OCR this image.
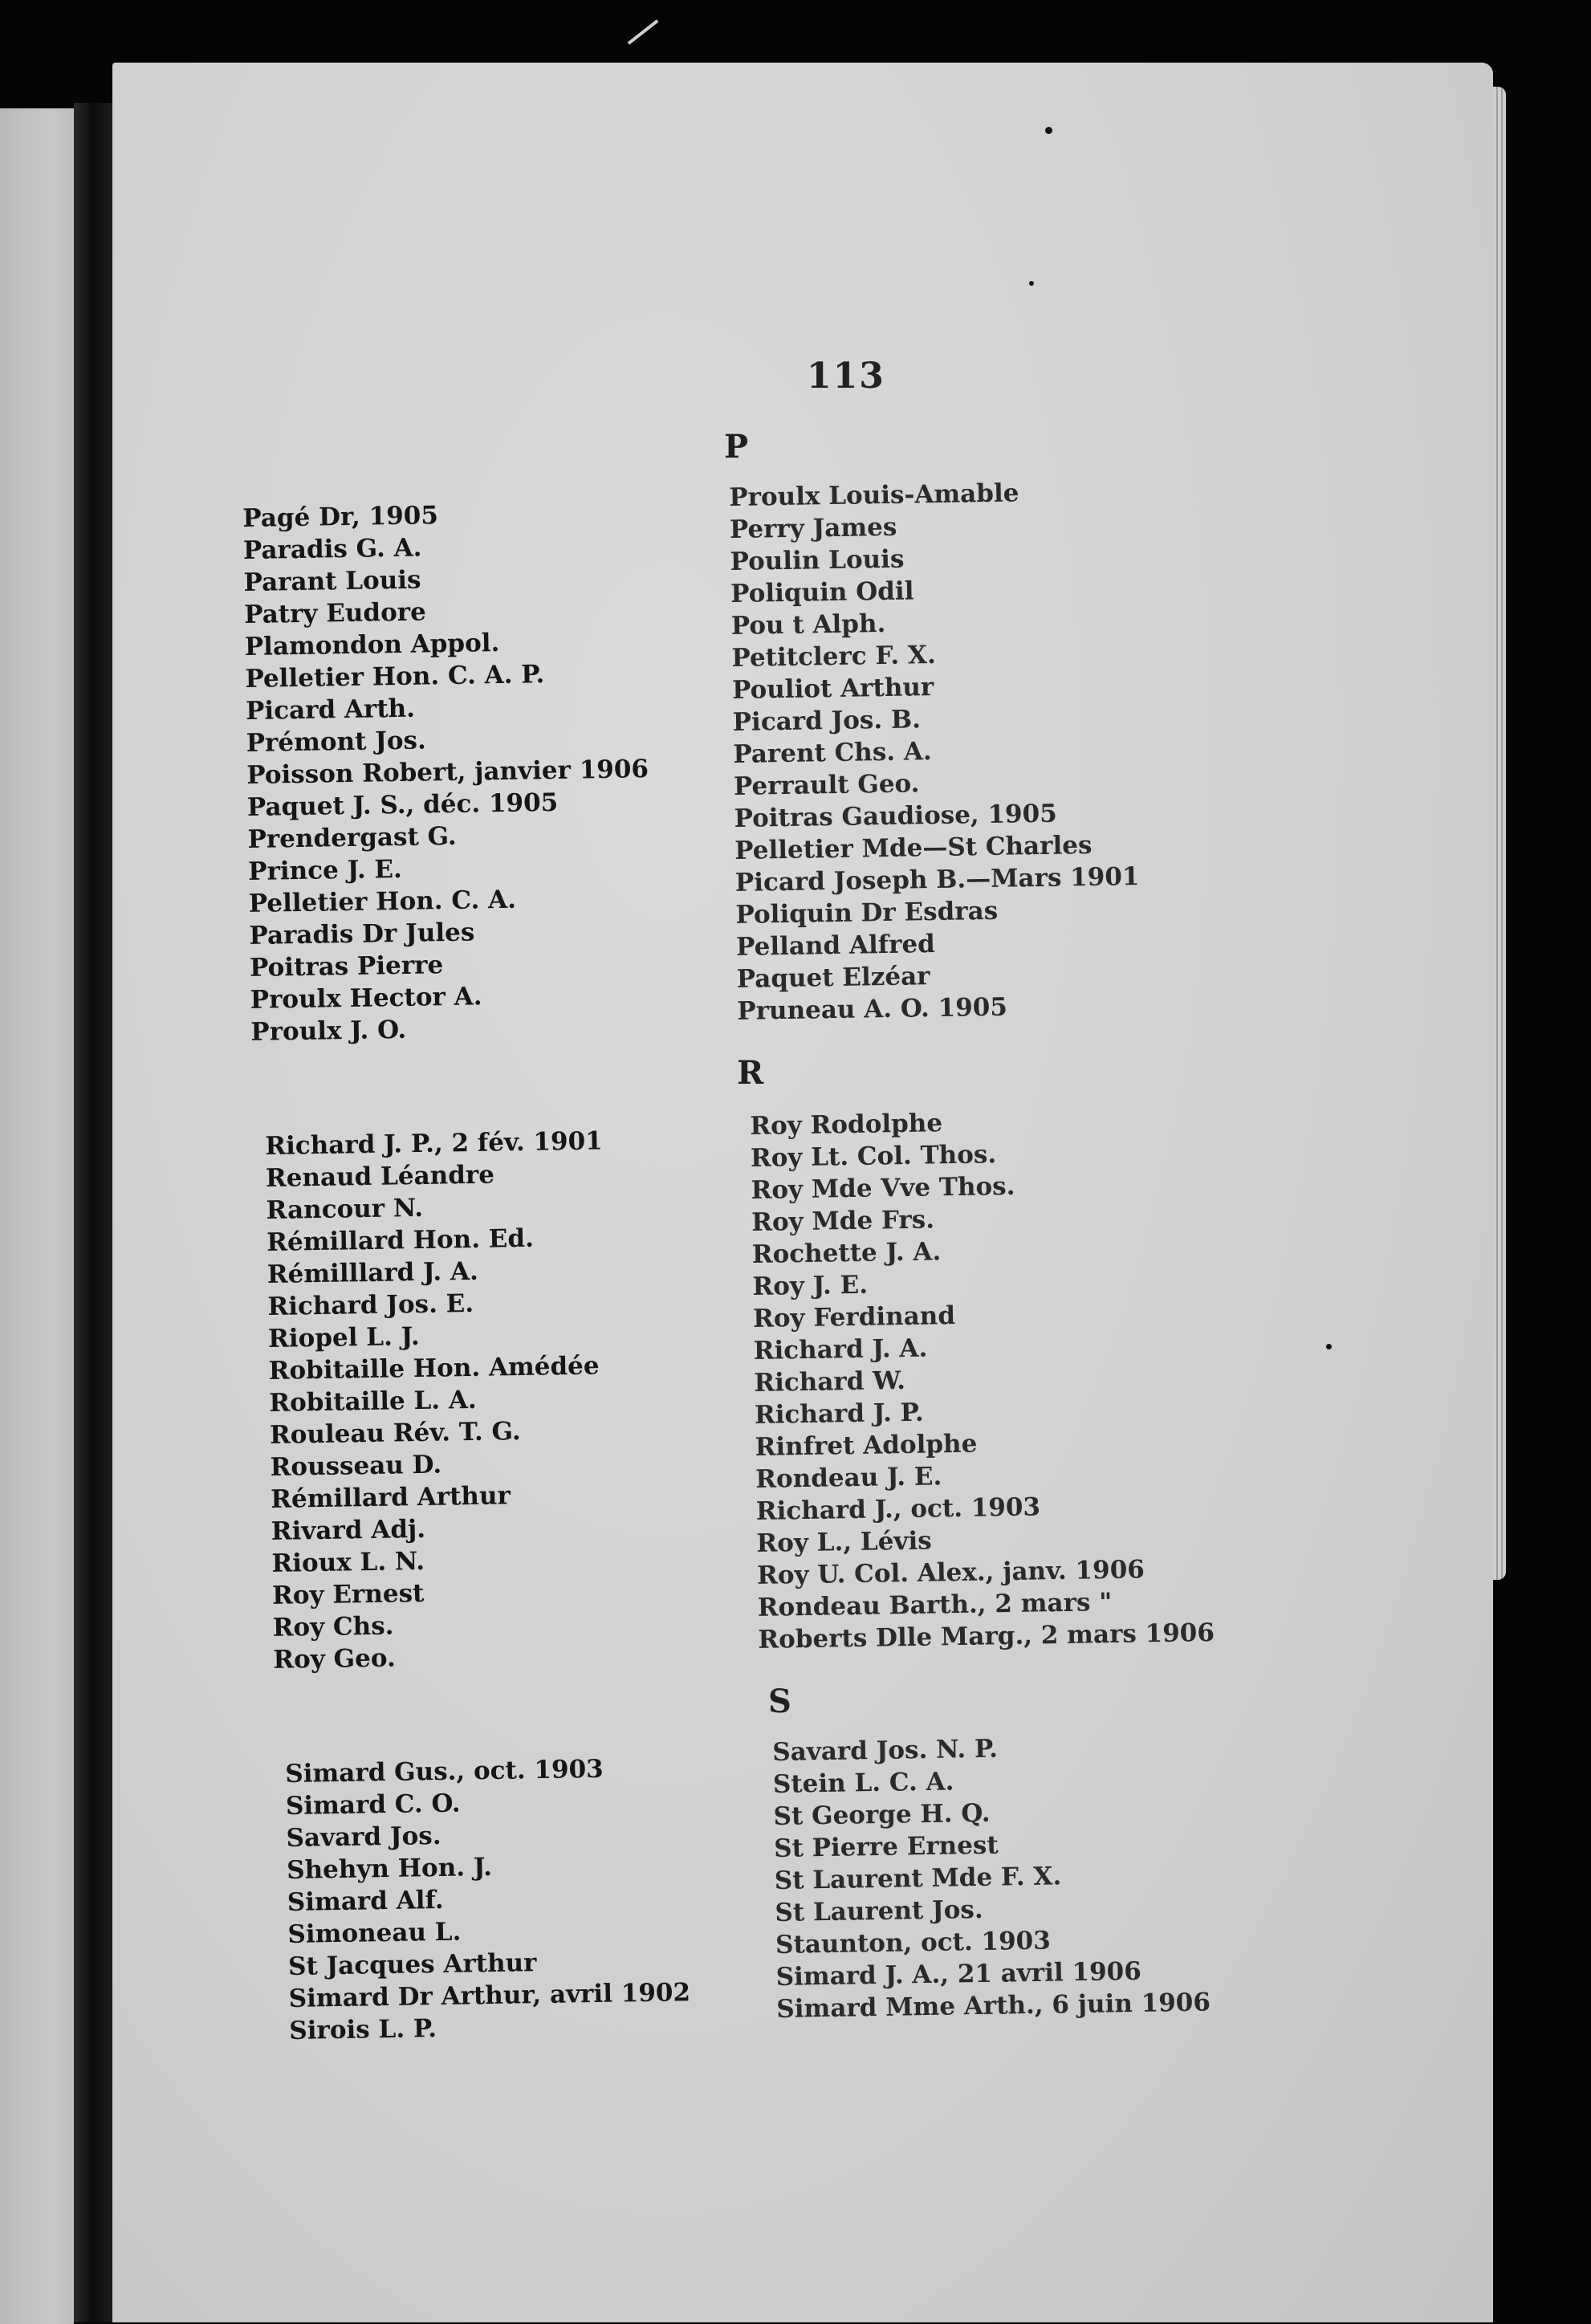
113
P
Pagé Dr, 1905
Paradis G. A.
Parant Louis
Patry Eudore
Plamondon Appol.
Pelletier Hon. C. A. P.
Picard Arth.
Prémont Jos.
Poisson Robert, janvier 1906
Paquet J. S., déc. 1905
Prendergast G.
Prince J. E.
Pelletier Hon. C. A.
Paradis Dr Jules
Poitras Pierre
Proulx Hector A.
Proulx J. O.
Proulx Louis-Amable
Perry James
Poulin Louis
Poliquin Odil
Pou t Alph.
Petitclerc F. X.
Pouliot Arthur
Picard Jos. B.
Parent Chs. A.
Perrault Geo.
Poitras Gaudiose, 1905
Pelletier Mde—St Charles
Picard Joseph B.—Mars 1901
Poliquin Dr Esdras
Pelland Alfred
Paquet Elzéar
Pruneau A. O. 1905
R
Richard J. P., 2 fév. 1901
Renaud Léandre
Rancour N.
Rémillard Hon. Ed.
Rémilllard J. A.
Richard Jos. E.
Riopel L. J.
Robitaille Hon. Amédée
Robitaille L. A.
Rouleau Rév. T. G.
Rousseau D.
Rémillard Arthur
Rivard Adj.
Rioux L. N.
Roy Ernest
Roy Chs.
Roy Geo.
Roy Rodolphe
Roy Lt. Col. Thos.
Roy Mde Vve Thos.
Roy Mde Frs.
Rochette J. A.
Roy J. E.
Roy Ferdinand
Richard J. A.
Richard W.
Richard J. P.
Rinfret Adolphe
Rondeau J. E.
Richard J., oct. 1903
Roy L., Lévis
Roy U. Col. Alex., janv. 1906
Rondeau Barth., 2 mars "
Roberts Dlle Marg., 2 mars 1906
S
Simard Gus., oct. 1903
Simard C. O.
Savard Jos.
Shehyn Hon. J.
Simard Alf.
Simoneau L.
St Jacques Arthur
Simard Dr Arthur, avril 1902
Sirois L. P.
Savard Jos. N. P.
Stein L. C. A.
St George H. Q.
St Pierre Ernest
St Laurent Mde F. X.
St Laurent Jos.
Staunton, oct. 1903
Simard J. A., 21 avril 1906
Simard Mme Arth., 6 juin 1906
